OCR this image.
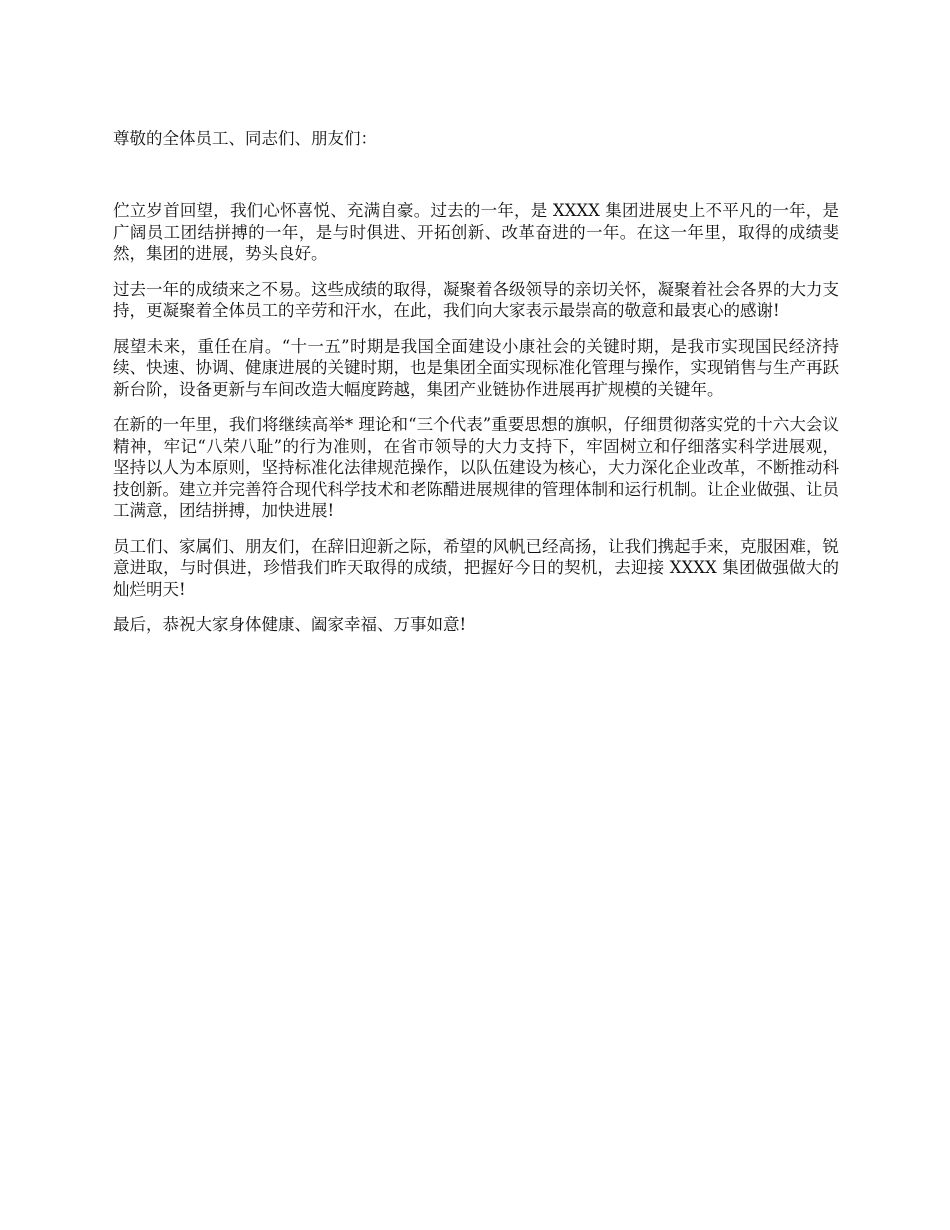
尊敬的全体员工、同志们、朋友们：

伫立岁首回望，我们心怀喜悦、充满自豪。过去的一年，是 XXXX 集团进展史上不平凡的一年，是广阔员工团结拼搏的一年，是与时俱进、开拓创新、改革奋进的一年。在这一年里，取得的成绩斐然，集团的进展，势头良好。

过去一年的成绩来之不易。这些成绩的取得，凝聚着各级领导的亲切关怀，凝聚着社会各界的大力支持，更凝聚着全体员工的辛劳和汗水，在此，我们向大家表示最崇高的敬意和最衷心的感谢!

展望未来，重任在肩。“十一五”时期是我国全面建设小康社会的关键时期，是我市实现国民经济持续、快速、协调、健康进展的关键时期，也是集团全面实现标准化管理与操作，实现销售与生产再跃新台阶，设备更新与车间改造大幅度跨越，集团产业链协作进展再扩规模的关键年。

在新的一年里，我们将继续高举* 理论和“三个代表”重要思想的旗帜，仔细贯彻落实党的十六大会议精神，牢记“八荣八耻”的行为准则，在省市领导的大力支持下，牢固树立和仔细落实科学进展观，坚持以人为本原则，坚持标准化法律规范操作，以队伍建设为核心，大力深化企业改革，不断推动科技创新。建立并完善符合现代科学技术和老陈醋进展规律的管理体制和运行机制。让企业做强、让员工满意，团结拼搏，加快进展!

员工们、家属们、朋友们，在辞旧迎新之际，希望的风帆已经高扬，让我们携起手来，克服困难，锐意进取，与时俱进，珍惜我们昨天取得的成绩，把握好今日的契机，去迎接 XXXX 集团做强做大的灿烂明天!

最后，恭祝大家身体健康、阖家幸福、万事如意!
